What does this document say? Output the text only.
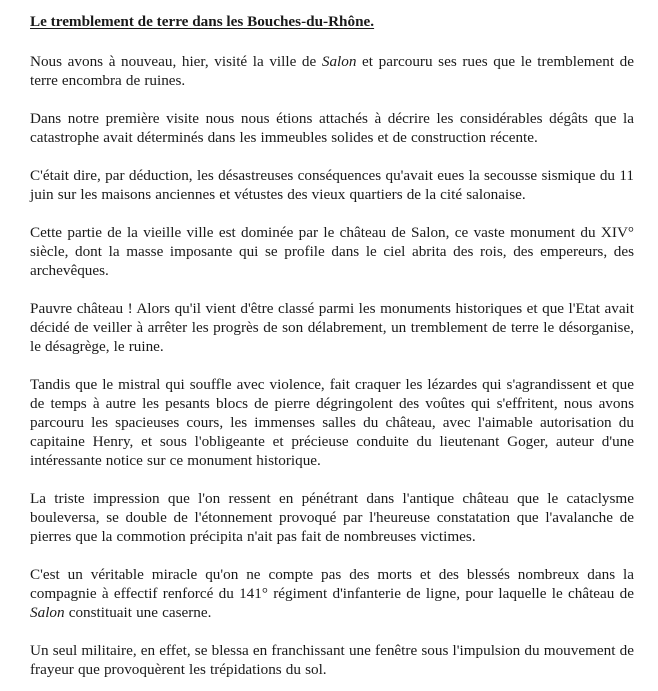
Le tremblement de terre dans les Bouches-du-Rhône.

Nous avons à nouveau, hier, visité la ville de Salon et parcouru ses rues que le tremblement de terre encombra de ruines.

Dans notre première visite nous nous étions attachés à décrire les considérables dégâts que la catastrophe avait déterminés dans les immeubles solides et de construction récente.

C'était dire, par déduction, les désastreuses conséquences qu'avait eues la secousse sismique du 11 juin sur les maisons anciennes et vétustes des vieux quartiers de la cité salonaise.

Cette partie de la vieille ville est dominée par le château de Salon, ce vaste monument du XIV° siècle, dont la masse imposante qui se profile dans le ciel abrita des rois, des empereurs, des archevêques.

Pauvre château ! Alors qu'il vient d'être classé parmi les monuments historiques et que l'Etat avait décidé de veiller à arrêter les progrès de son délabrement, un tremblement de terre le désorganise, le désagrège, le ruine.

Tandis que le mistral qui souffle avec violence, fait craquer les lézardes qui s'agrandissent et que de temps à autre les pesants blocs de pierre dégringolent des voûtes qui s'effritent, nous avons parcouru les spacieuses cours, les immenses salles du château, avec l'aimable autorisation du capitaine Henry, et sous l'obligeante et précieuse conduite du lieutenant Goger, auteur d'une intéressante notice sur ce monument historique.

La triste impression que l'on ressent en pénétrant dans l'antique château que le cataclysme bouleversa, se double de l'étonnement provoqué par l'heureuse constatation que l'avalanche de pierres que la commotion précipita n'ait pas fait de nombreuses victimes.

C'est un véritable miracle qu'on ne compte pas des morts et des blessés nombreux dans la compagnie à effectif renforcé du 141° régiment d'infanterie de ligne, pour laquelle le château de Salon constituait une caserne.

Un seul militaire, en effet, se blessa en franchissant une fenêtre sous l'impulsion du mouvement de frayeur que provoquèrent les trépidations du sol.
